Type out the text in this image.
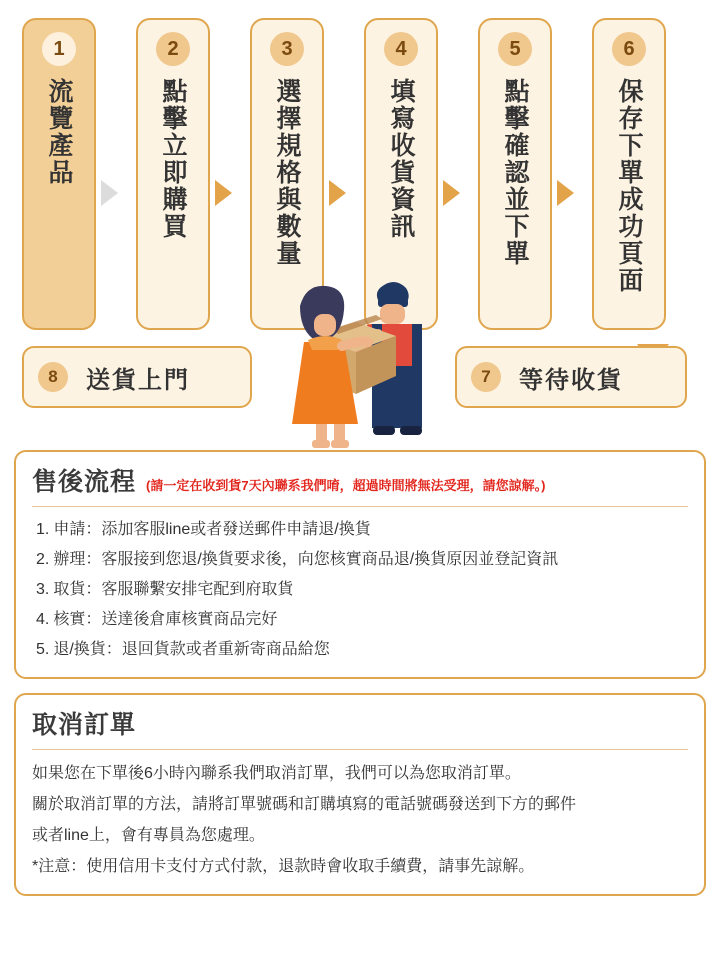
1
流覽產品
2
點擊立即購買
3
選擇規格與數量
4
填寫收貨資訊
5
點擊確認並下單
6
保存下單成功頁面
8	送貨上門	7	等待收貨
售後流程 (請一定在收到貨7天內聯系我們唷，超過時間將無法受理，請您諒解。)
1. 申請：添加客服line或者發送郵件申請退/換貨
2. 辦理：客服接到您退/換貨要求後，向您核實商品退/換貨原因並登記資訊
3. 取貨：客服聯繫安排宅配到府取貨
4. 核實：送達後倉庫核實商品完好
5. 退/換貨：退回貨款或者重新寄商品給您
取消訂單

如果您在下單後6小時內聯系我們取消訂單，我們可以為您取消訂單。

關於取消訂單的方法，請將訂單號碼和訂購填寫的電話號碼發送到下方的郵件

或者line上，會有專員為您處理。

*注意：使用信用卡支付方式付款，退款時會收取手續費，請事先諒解。
